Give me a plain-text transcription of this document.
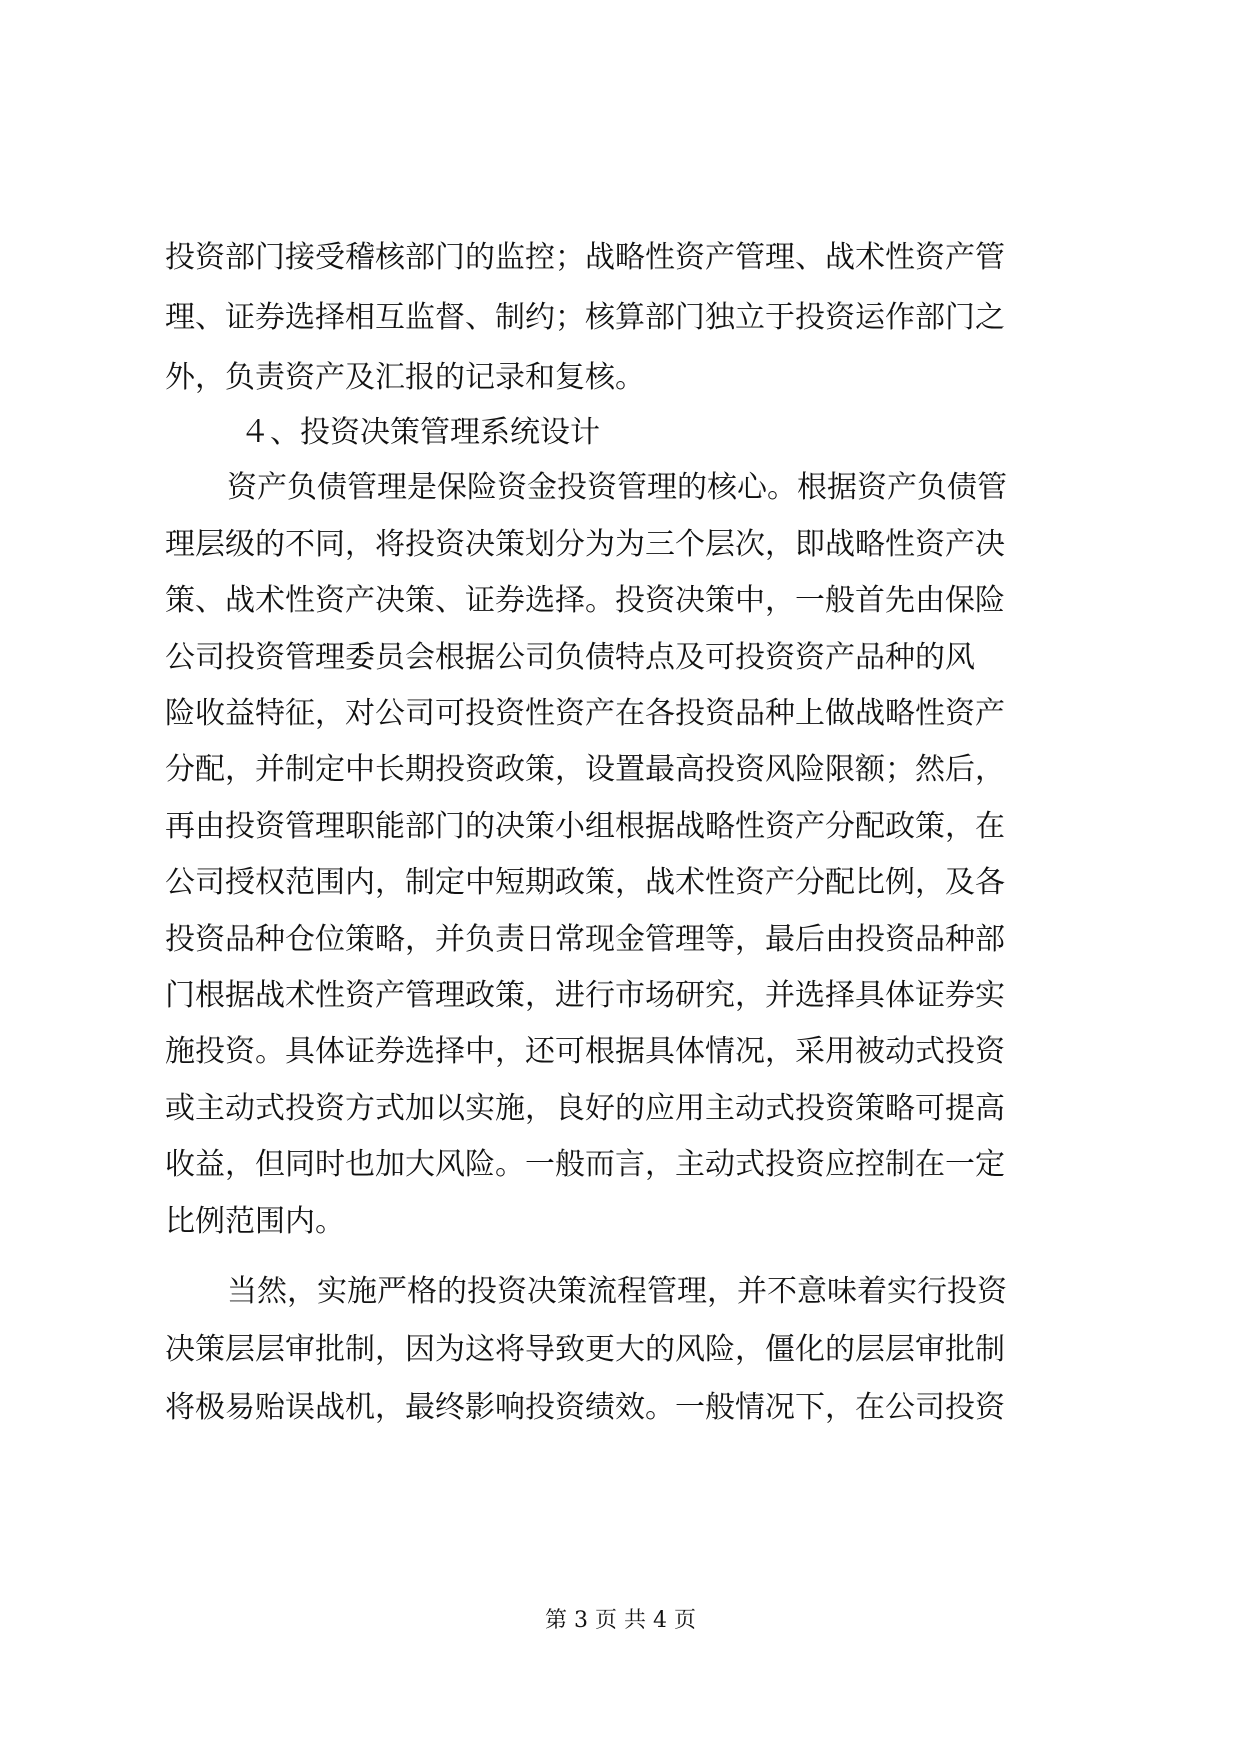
投资部门接受稽核部门的监控；战略性资产管理、战术性资产管
理、证券选择相互监督、制约；核算部门独立于投资运作部门之
外，负责资产及汇报的记录和复核。
４、投资决策管理系统设计
资产负债管理是保险资金投资管理的核心。根据资产负债管
理层级的不同，将投资决策划分为为三个层次，即战略性资产决
策、战术性资产决策、证券选择。投资决策中，一般首先由保险
公司投资管理委员会根据公司负债特点及可投资资产品种的风
险收益特征，对公司可投资性资产在各投资品种上做战略性资产
分配，并制定中长期投资政策，设置最高投资风险限额；然后，
再由投资管理职能部门的决策小组根据战略性资产分配政策，在
公司授权范围内，制定中短期政策，战术性资产分配比例，及各
投资品种仓位策略，并负责日常现金管理等，最后由投资品种部
门根据战术性资产管理政策，进行市场研究，并选择具体证券实
施投资。具体证券选择中，还可根据具体情况，采用被动式投资
或主动式投资方式加以实施，良好的应用主动式投资策略可提高
收益，但同时也加大风险。一般而言，主动式投资应控制在一定
比例范围内。
当然，实施严格的投资决策流程管理，并不意味着实行投资
决策层层审批制，因为这将导致更大的风险，僵化的层层审批制
将极易贻误战机，最终影响投资绩效。一般情况下，在公司投资
第 3 页 共 4 页
